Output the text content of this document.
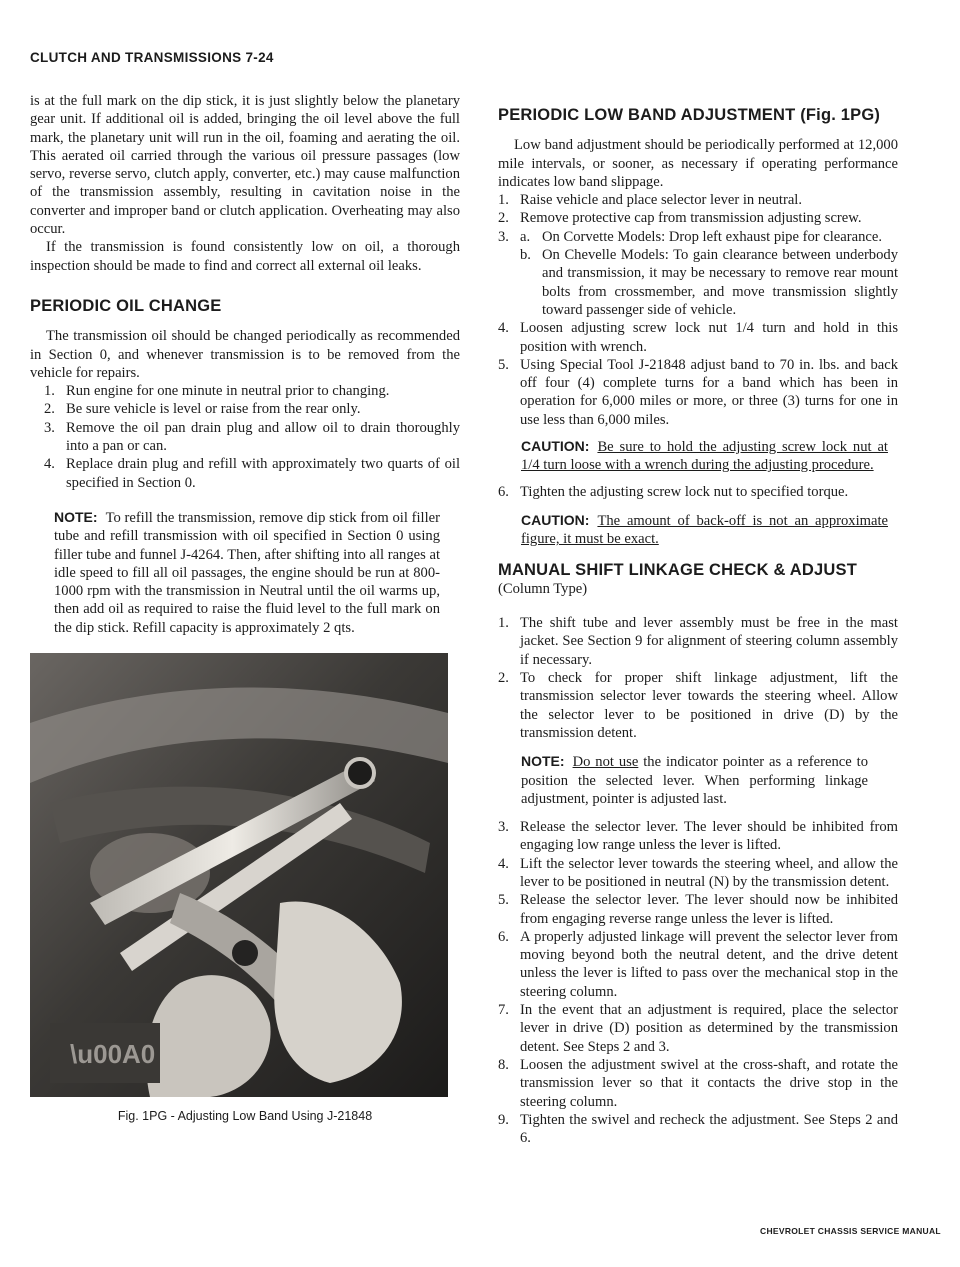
CLUTCH AND TRANSMISSIONS 7-24

is at the full mark on the dip stick, it is just slightly below the planetary gear unit. If additional oil is added, bringing the oil level above the full mark, the planetary unit will run in the oil, foaming and aerating the oil. This aerated oil carried through the various oil pressure passages (low servo, reverse servo, clutch apply, converter, etc.) may cause malfunction of the transmission assembly, resulting in cavitation noise in the converter and improper band or clutch application. Overheating may also occur.

If the transmission is found consistently low on oil, a thorough inspection should be made to find and correct all external oil leaks.

PERIODIC OIL CHANGE

The transmission oil should be changed periodically as recommended in Section 0, and whenever transmission is to be removed from the vehicle for repairs.

1. Run engine for one minute in neutral prior to changing.
2. Be sure vehicle is level or raise from the rear only.
3. Remove the oil pan drain plug and allow oil to drain thoroughly into a pan or can.
4. Replace drain plug and refill with approximately two quarts of oil specified in Section 0.
NOTE: To refill the transmission, remove dip stick from oil filler tube and refill transmission with oil specified in Section 0 using filler tube and funnel J-4264. Then, after shifting into all ranges at idle speed to fill all oil passages, the engine should be run at 800-1000 rpm with the transmission in Neutral until the oil warms up, then add oil as required to raise the fluid level to the full mark on the dip stick. Refill capacity is approximately 2 qts.
\u00A0
Fig. 1PG - Adjusting Low Band Using J-21848
PERIODIC LOW BAND ADJUSTMENT (Fig. 1PG)

Low band adjustment should be periodically performed at 12,000 mile intervals, or sooner, as necessary if operating performance indicates low band slippage.

1. Raise vehicle and place selector lever in neutral.
2. Remove protective cap from transmission adjusting screw.
3. a. On Corvette Models: Drop left exhaust pipe for clearance.
b. On Chevelle Models: To gain clearance between underbody and transmission, it may be necessary to remove rear mount bolts from crossmember, and move transmission slightly toward passenger side of vehicle.
4. Loosen adjusting screw lock nut 1/4 turn and hold in this position with wrench.
5. Using Special Tool J-21848 adjust band to 70 in. lbs. and back off four (4) complete turns for a band which has been in operation for 6,000 miles or more, or three (3) turns for one in use less than 6,000 miles.
CAUTION: Be sure to hold the adjusting screw lock nut at 1/4 turn loose with a wrench during the adjusting procedure.
6. Tighten the adjusting screw lock nut to specified torque.
CAUTION: The amount of back-off is not an approximate figure, it must be exact.
MANUAL SHIFT LINKAGE CHECK & ADJUST
(Column Type)
1. The shift tube and lever assembly must be free in the mast jacket. See Section 9 for alignment of steering column assembly if necessary.
2. To check for proper shift linkage adjustment, lift the transmission selector lever towards the steering wheel. Allow the selector lever to be positioned in drive (D) by the transmission detent.
NOTE: Do not use the indicator pointer as a reference to position the selected lever. When performing linkage adjustment, pointer is adjusted last.
3. Release the selector lever. The lever should be inhibited from engaging low range unless the lever is lifted.
4. Lift the selector lever towards the steering wheel, and allow the lever to be positioned in neutral (N) by the transmission detent.
5. Release the selector lever. The lever should now be inhibited from engaging reverse range unless the lever is lifted.
6. A properly adjusted linkage will prevent the selector lever from moving beyond both the neutral detent, and the drive detent unless the lever is lifted to pass over the mechanical stop in the steering column.
7. In the event that an adjustment is required, place the selector lever in drive (D) position as determined by the transmission detent. See Steps 2 and 3.
8. Loosen the adjustment swivel at the cross-shaft, and rotate the transmission lever so that it contacts the drive stop in the steering column.
9. Tighten the swivel and recheck the adjustment. See Steps 2 and 6.
CHEVROLET CHASSIS SERVICE MANUAL
